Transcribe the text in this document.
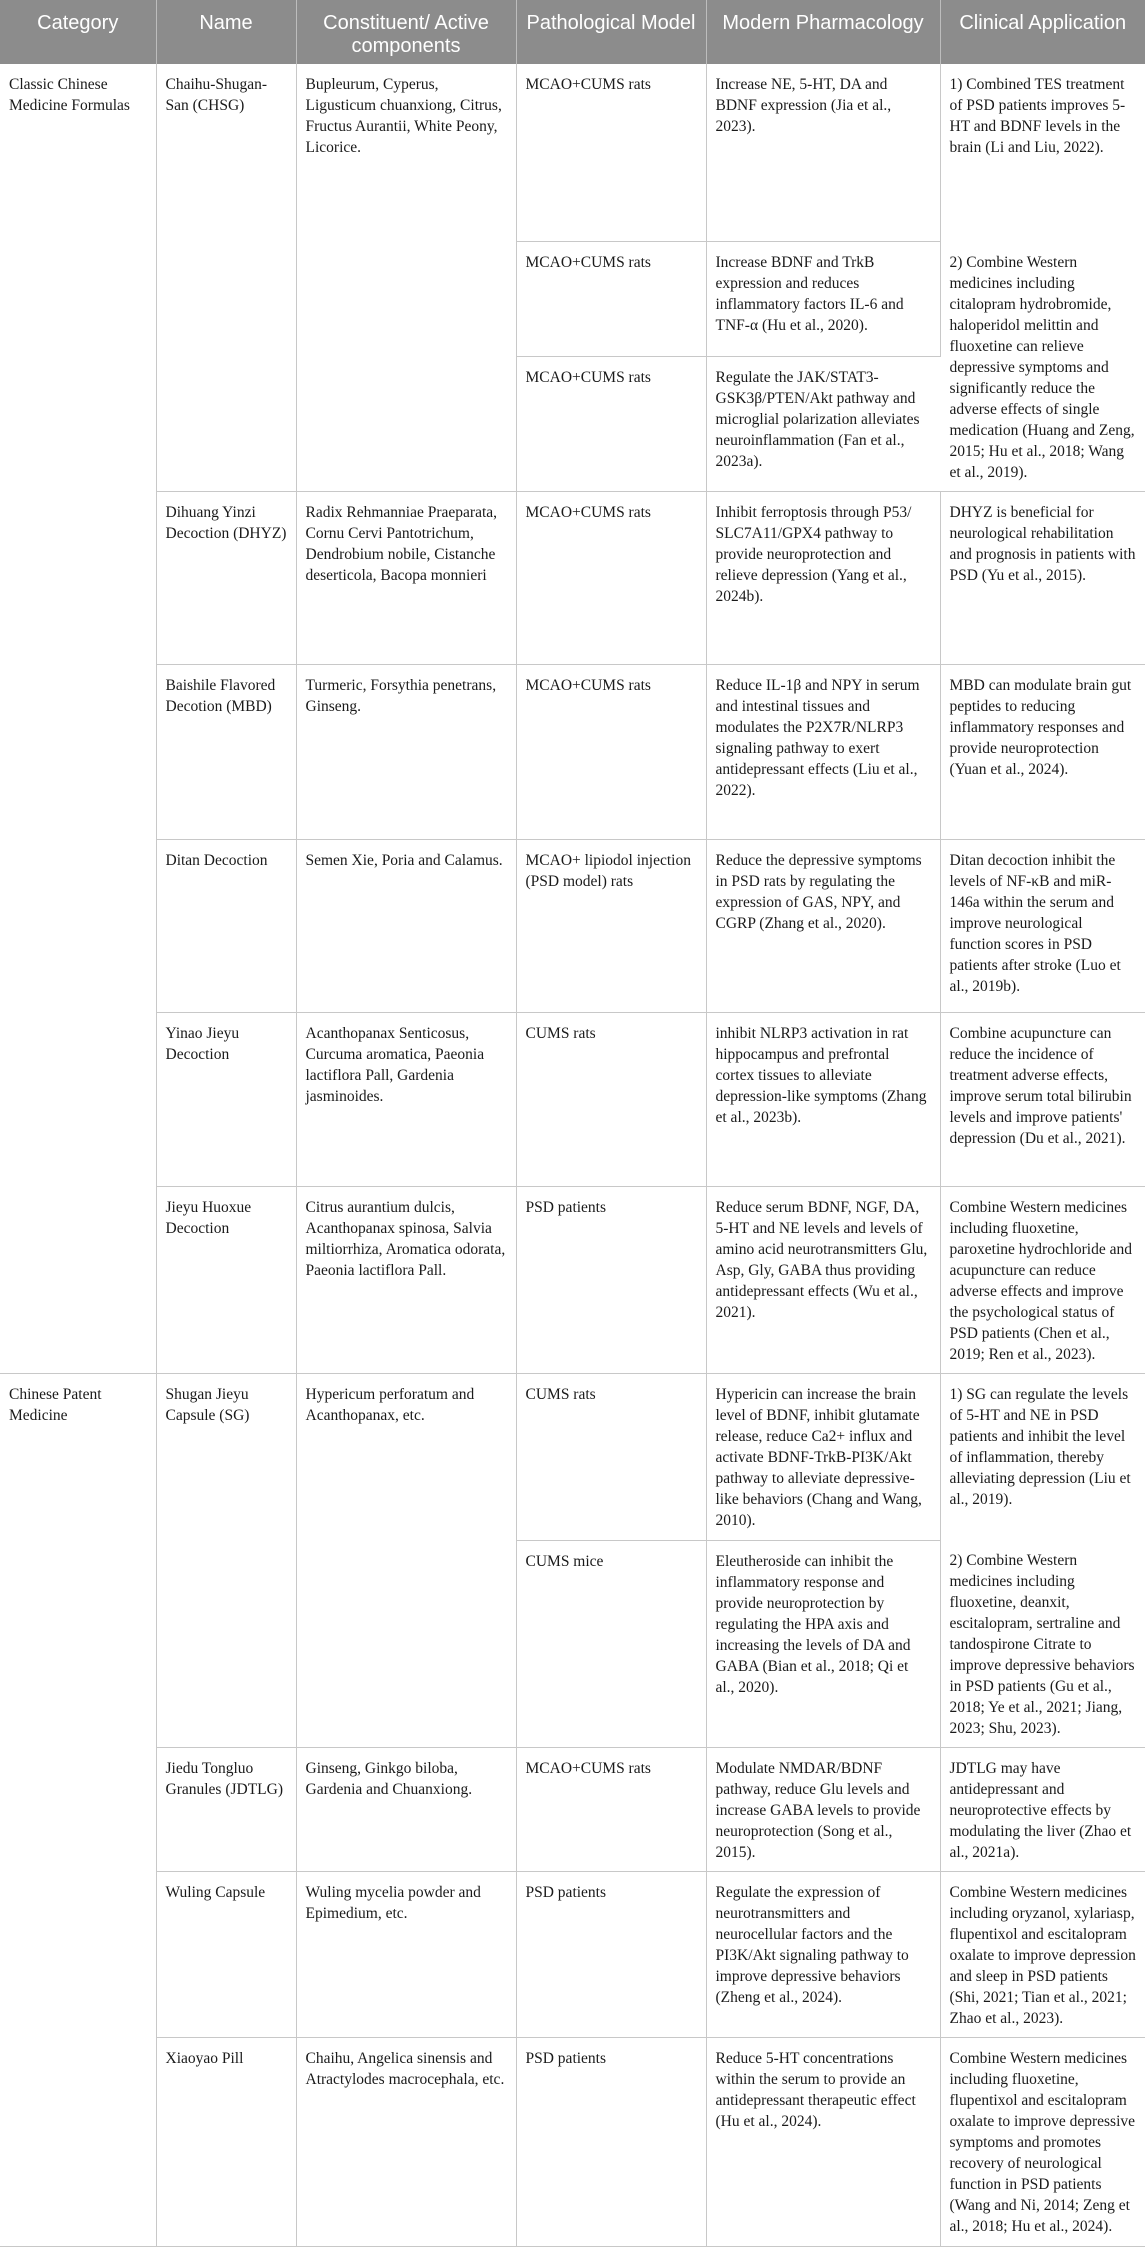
Category	Name	Constituent/ Active components	Pathological Model	Modern Pharmacology	Clinical Application
Classic Chinese Medicine Formulas	Chaihu-Shugan-San (CHSG)	Bupleurum, Cyperus, Ligusticum chuanxiong, Citrus, Fructus Aurantii, White Peony, Licorice.	MCAO+CUMS rats	Increase NE, 5-HT, DA and BDNF expression (Jia et al., 2023).	1) Combined TES treatment of PSD patients improves 5-HT and BDNF levels in the brain (Li and Liu, 2022).
			MCAO+CUMS rats	Increase BDNF and TrkB expression and reduces inflammatory factors IL-6 and TNF-α (Hu et al., 2020).	2) Combine Western medicines including citalopram hydrobromide, haloperidol melittin and fluoxetine can relieve depressive symptoms and significantly reduce the adverse effects of single medication (Huang and Zeng, 2015; Hu et al., 2018; Wang et al., 2019).
			MCAO+CUMS rats	Regulate the JAK/STAT3-GSK3β/PTEN/Akt pathway and microglial polarization alleviates neuroinflammation (Fan et al., 2023a).	
	Dihuang Yinzi Decoction (DHYZ)	Radix Rehmanniae Praeparata, Cornu Cervi Pantotrichum, Dendrobium nobile, Cistanche deserticola, Bacopa monnieri	MCAO+CUMS rats	Inhibit ferroptosis through P53/ SLC7A11/GPX4 pathway to provide neuroprotection and relieve depression (Yang et al., 2024b).	DHYZ is beneficial for neurological rehabilitation and prognosis in patients with PSD (Yu et al., 2015).
	Baishile Flavored Decotion (MBD)	Turmeric, Forsythia penetrans, Ginseng.	MCAO+CUMS rats	Reduce IL-1β and NPY in serum and intestinal tissues and modulates the P2X7R/NLRP3 signaling pathway to exert antidepressant effects (Liu et al., 2022).	MBD can modulate brain gut peptides to reducing inflammatory responses and provide neuroprotection (Yuan et al., 2024).
	Ditan Decoction	Semen Xie, Poria and Calamus.	MCAO+ lipiodol injection (PSD model) rats	Reduce the depressive symptoms in PSD rats by regulating the expression of GAS, NPY, and CGRP (Zhang et al., 2020).	Ditan decoction inhibit the levels of NF-κB and miR-146a within the serum and improve neurological function scores in PSD patients after stroke (Luo et al., 2019b).
	Yinao Jieyu Decoction	Acanthopanax Senticosus, Curcuma aromatica, Paeonia lactiflora Pall, Gardenia jasminoides.	CUMS rats	inhibit NLRP3 activation in rat hippocampus and prefrontal cortex tissues to alleviate depression-like symptoms (Zhang et al., 2023b).	Combine acupuncture can reduce the incidence of treatment adverse effects, improve serum total bilirubin levels and improve patients' depression (Du et al., 2021).
	Jieyu Huoxue Decoction	Citrus aurantium dulcis, Acanthopanax spinosa, Salvia miltiorrhiza, Aromatica odorata, Paeonia lactiflora Pall.	PSD patients	Reduce serum BDNF, NGF, DA, 5-HT and NE levels and levels of amino acid neurotransmitters Glu, Asp, Gly, GABA thus providing antidepressant effects (Wu et al., 2021).	Combine Western medicines including fluoxetine, paroxetine hydrochloride and acupuncture can reduce adverse effects and improve the psychological status of PSD patients (Chen et al., 2019; Ren et al., 2023).
Chinese Patent Medicine	Shugan Jieyu Capsule (SG)	Hypericum perforatum and Acanthopanax, etc.	CUMS rats	Hypericin can increase the brain level of BDNF, inhibit glutamate release, reduce Ca2+ influx and activate BDNF-TrkB-PI3K/Akt pathway to alleviate depressive-like behaviors (Chang and Wang, 2010).	1) SG can regulate the levels of 5-HT and NE in PSD patients and inhibit the level of inflammation, thereby alleviating depression (Liu et al., 2019).
			CUMS mice	Eleutheroside can inhibit the inflammatory response and provide neuroprotection by regulating the HPA axis and increasing the levels of DA and GABA (Bian et al., 2018; Qi et al., 2020).	2) Combine Western medicines including fluoxetine, deanxit, escitalopram, sertraline and tandospirone Citrate to improve depressive behaviors in PSD patients (Gu et al., 2018; Ye et al., 2021; Jiang, 2023; Shu, 2023).
	Jiedu Tongluo Granules (JDTLG)	Ginseng, Ginkgo biloba, Gardenia and Chuanxiong.	MCAO+CUMS rats	Modulate NMDAR/BDNF pathway, reduce Glu levels and increase GABA levels to provide neuroprotection (Song et al., 2015).	JDTLG may have antidepressant and neuroprotective effects by modulating the liver (Zhao et al., 2021a).
	Wuling Capsule	Wuling mycelia powder and Epimedium, etc.	PSD patients	Regulate the expression of neurotransmitters and neurocellular factors and the PI3K/Akt signaling pathway to improve depressive behaviors (Zheng et al., 2024).	Combine Western medicines including oryzanol, xylariasp, flupentixol and escitalopram oxalate to improve depression and sleep in PSD patients (Shi, 2021; Tian et al., 2021; Zhao et al., 2023).
	Xiaoyao Pill	Chaihu, Angelica sinensis and Atractylodes macrocephala, etc.	PSD patients	Reduce 5-HT concentrations within the serum to provide an antidepressant therapeutic effect (Hu et al., 2024).	Combine Western medicines including fluoxetine, flupentixol and escitalopram oxalate to improve depressive symptoms and promotes recovery of neurological function in PSD patients (Wang and Ni, 2014; Zeng et al., 2018; Hu et al., 2024).
